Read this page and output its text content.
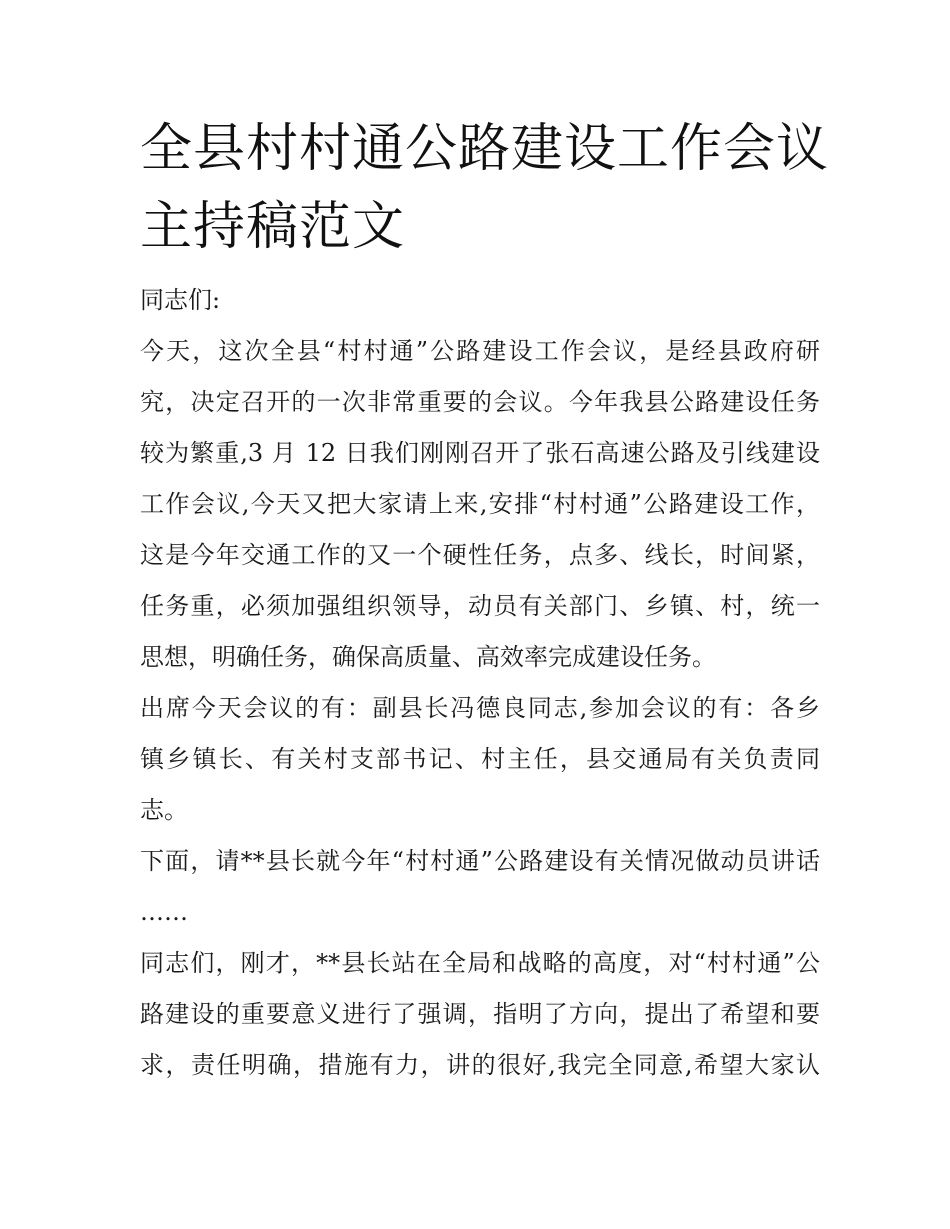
全县村村通公路建设工作会议
主持稿范文
同志们:
今天，这次全县“村村通”公路建设工作会议，是经县政府研
究，决定召开的一次非常重要的会议。今年我县公路建设任务
较为繁重,3 月 12 日我们刚刚召开了张石高速公路及引线建设
工作会议,今天又把大家请上来,安排“村村通”公路建设工作，
这是今年交通工作的又一个硬性任务，点多、线长，时间紧，
任务重，必须加强组织领导，动员有关部门、乡镇、村，统一
思想，明确任务，确保高质量、高效率完成建设任务。
出席今天会议的有：副县长冯德良同志,参加会议的有：各乡
镇乡镇长、有关村支部书记、村主任，县交通局有关负责同
志。
下面，请**县长就今年“村村通”公路建设有关情况做动员讲话
……
同志们，刚才，**县长站在全局和战略的高度，对“村村通”公
路建设的重要意义进行了强调，指明了方向，提出了希望和要
求，责任明确，措施有力，讲的很好,我完全同意,希望大家认
